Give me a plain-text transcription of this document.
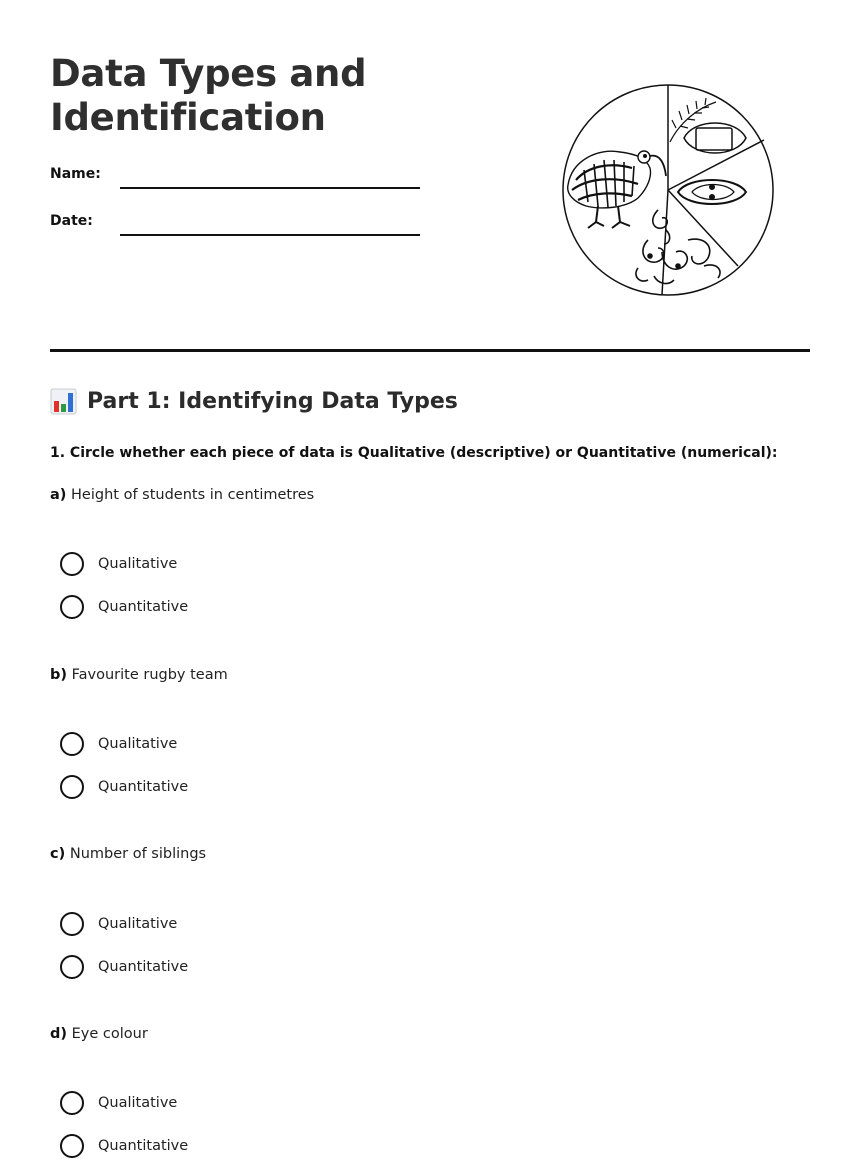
Data Types and Identification
Name:
Date:
Part 1: Identifying Data Types
1. Circle whether each piece of data is Qualitative (descriptive) or Quantitative (numerical):
a) Height of students in centimetres
Qualitative
Quantitative
b) Favourite rugby team
Qualitative
Quantitative
c) Number of siblings
Qualitative
Quantitative
d) Eye colour
Qualitative
Quantitative
